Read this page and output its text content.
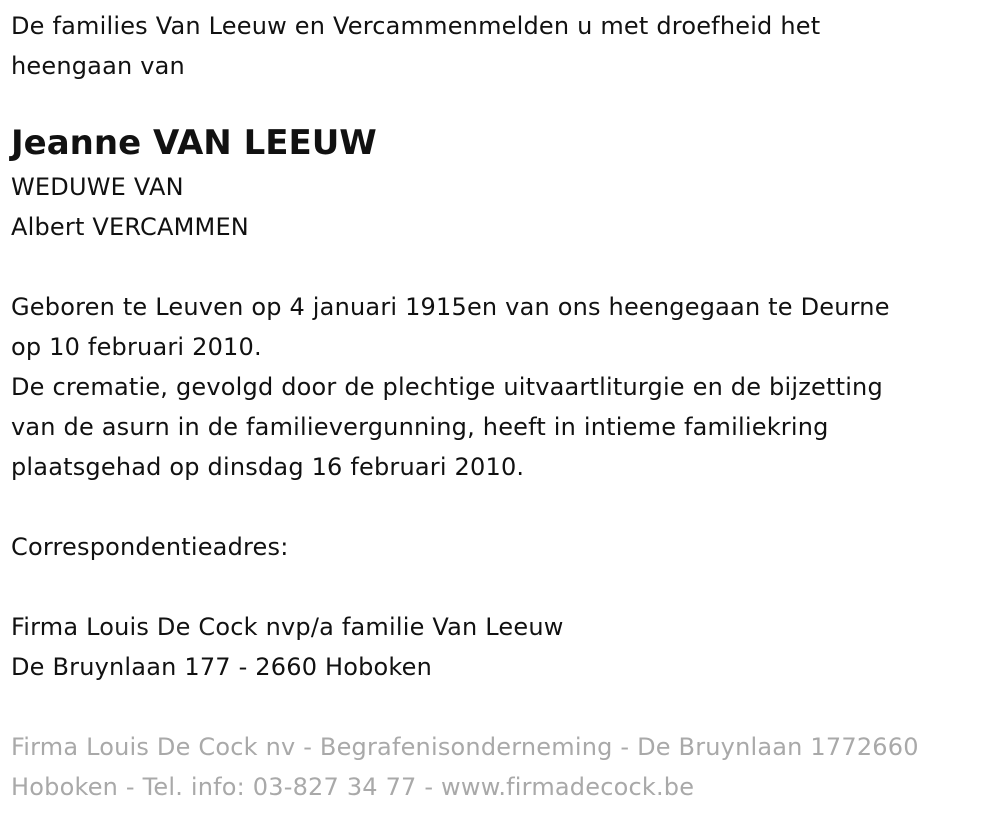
De families Van Leeuw en Vercammenmelden u met droefheid het
heengaan van
Jeanne VAN LEEUW
WEDUWE VAN
Albert VERCAMMEN
Geboren te Leuven op 4 januari 1915en van ons heengegaan te Deurne
op 10 februari 2010.
De crematie, gevolgd door de plechtige uitvaartliturgie en de bijzetting
van de asurn in de familievergunning, heeft in intieme familiekring
plaatsgehad op dinsdag 16 februari 2010.
Correspondentieadres:
Firma Louis De Cock nvp/a familie Van Leeuw
De Bruynlaan 177 - 2660 Hoboken
Firma Louis De Cock nv - Begrafenisonderneming - De Bruynlaan 1772660
Hoboken - Tel. info: 03-827 34 77 - www.firmadecock.be
